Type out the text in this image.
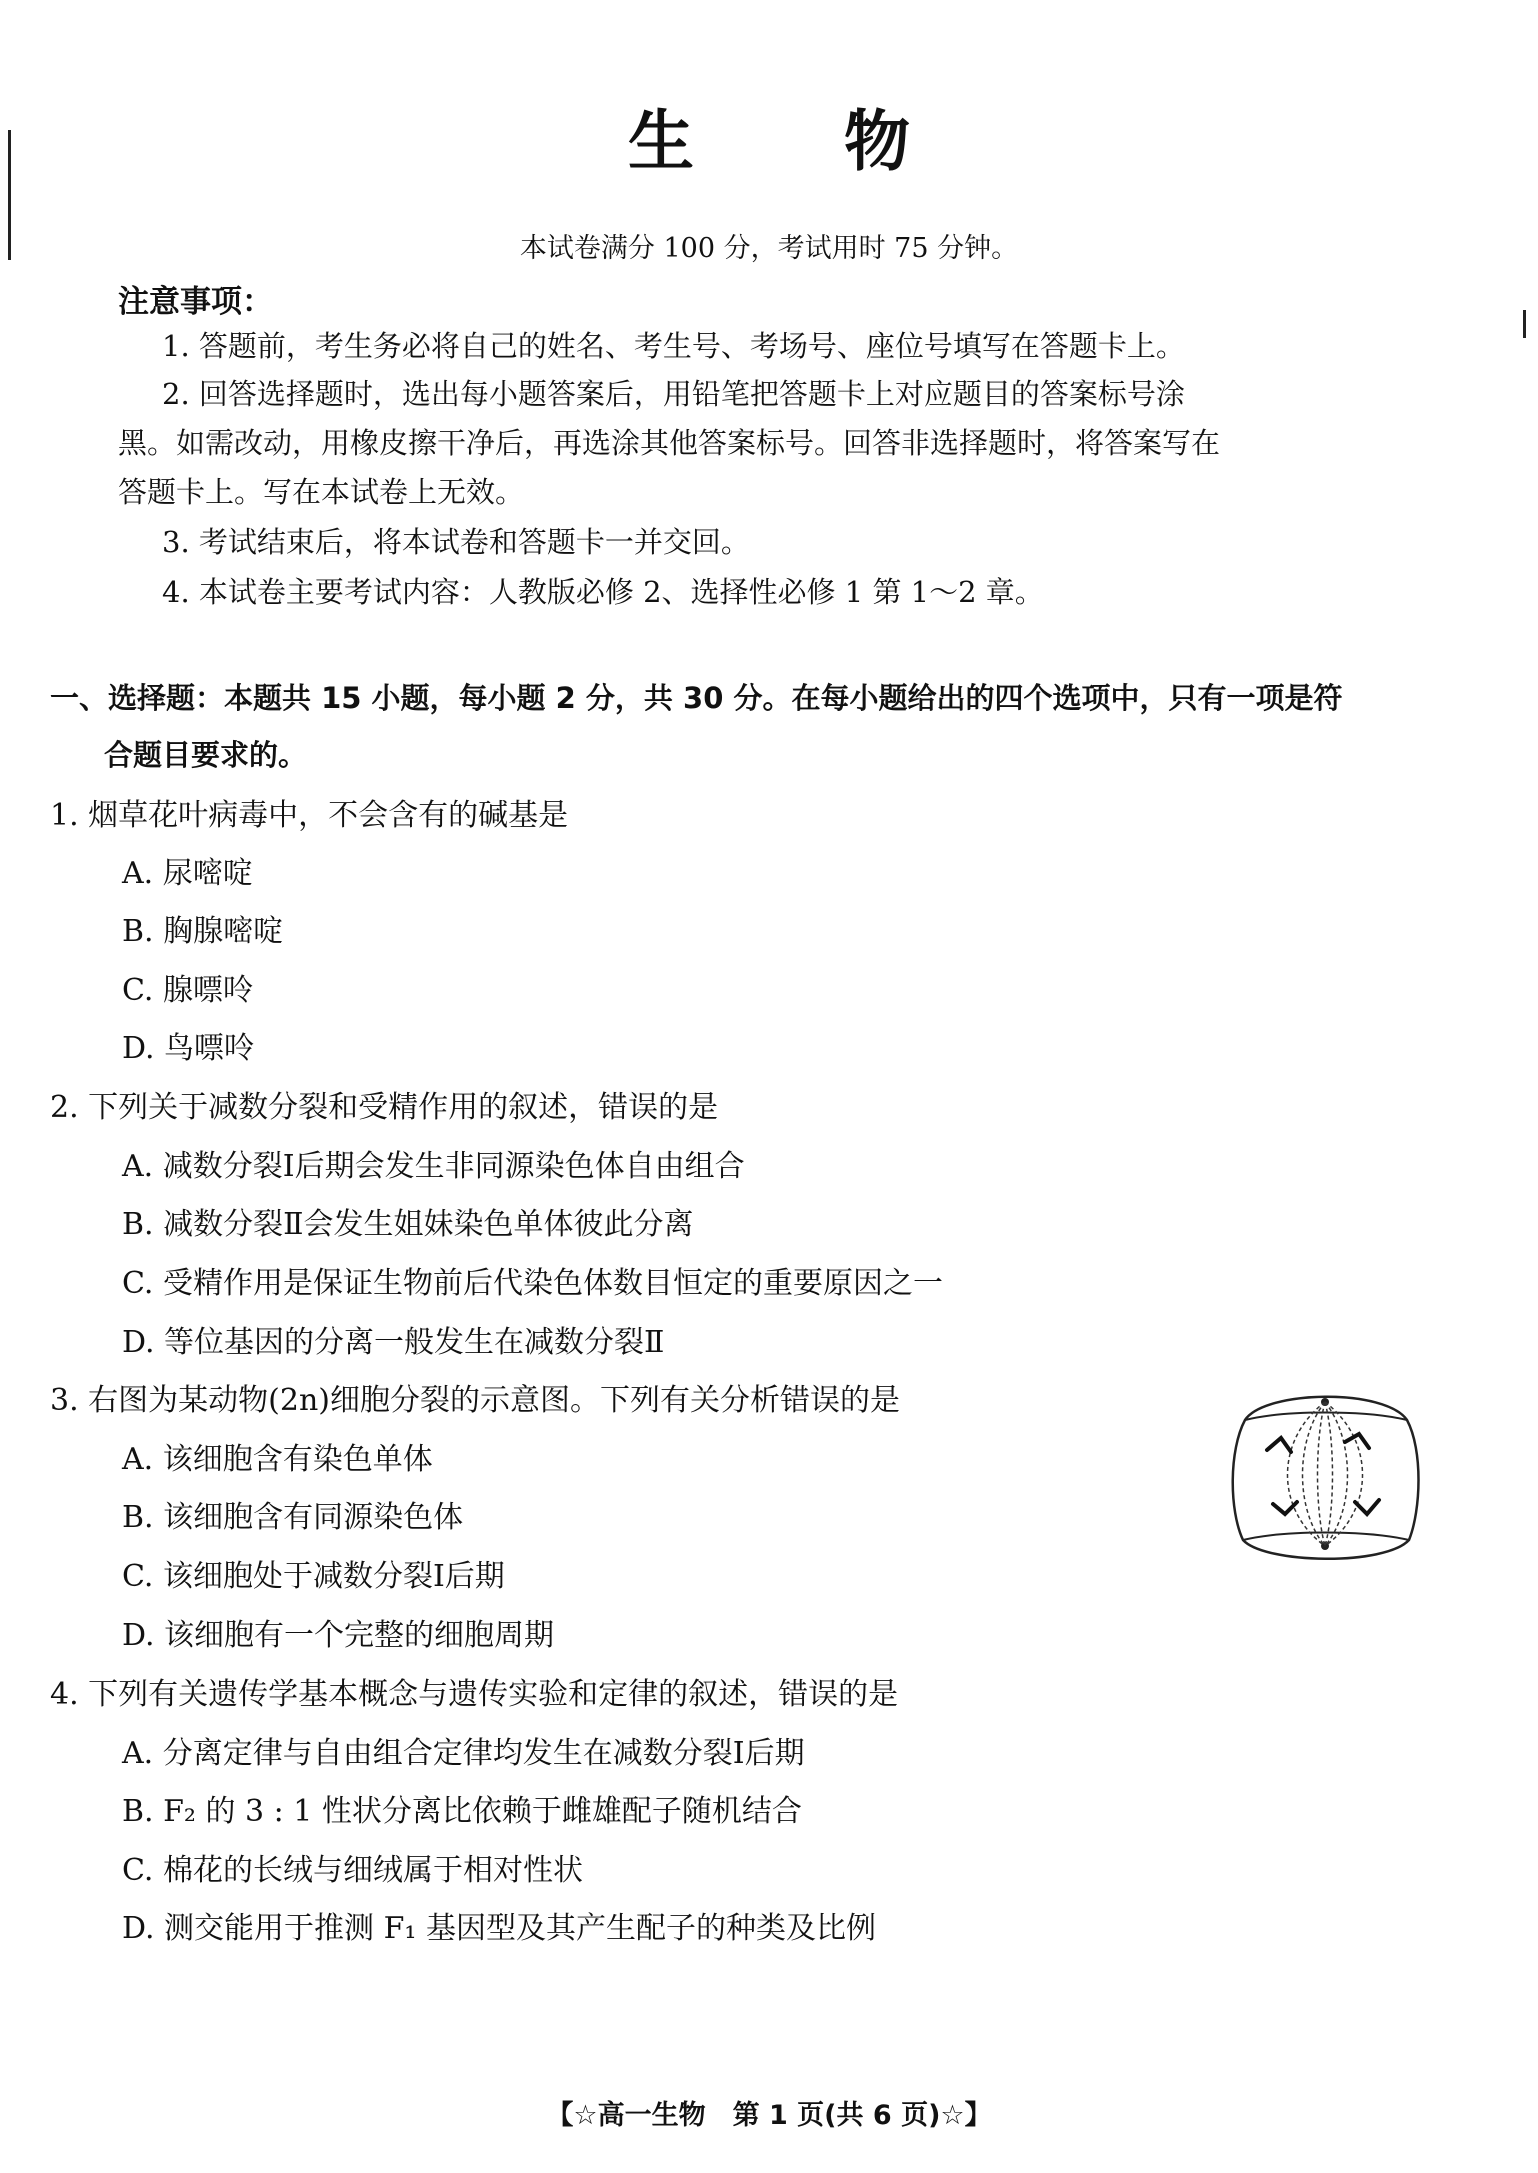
生物
本试卷满分 100 分，考试用时 75 分钟。
注意事项：
1. 答题前，考生务必将自己的姓名、考生号、考场号、座位号填写在答题卡上。
2. 回答选择题时，选出每小题答案后，用铅笔把答题卡上对应题目的答案标号涂
黑。如需改动，用橡皮擦干净后，再选涂其他答案标号。回答非选择题时，将答案写在
答题卡上。写在本试卷上无效。
3. 考试结束后，将本试卷和答题卡一并交回。
4. 本试卷主要考试内容：人教版必修 2、选择性必修 1 第 1～2 章。
一、选择题：本题共 15 小题，每小题 2 分，共 30 分。在每小题给出的四个选项中，只有一项是符
合题目要求的。
1. 烟草花叶病毒中，不会含有的碱基是
A. 尿嘧啶
B. 胸腺嘧啶
C. 腺嘌呤
D. 鸟嘌呤
2. 下列关于减数分裂和受精作用的叙述，错误的是
A. 减数分裂Ⅰ后期会发生非同源染色体自由组合
B. 减数分裂Ⅱ会发生姐妹染色单体彼此分离
C. 受精作用是保证生物前后代染色体数目恒定的重要原因之一
D. 等位基因的分离一般发生在减数分裂Ⅱ
3. 右图为某动物(2n)细胞分裂的示意图。下列有关分析错误的是
A. 该细胞含有染色单体
B. 该细胞含有同源染色体
C. 该细胞处于减数分裂Ⅰ后期
D. 该细胞有一个完整的细胞周期
4. 下列有关遗传学基本概念与遗传实验和定律的叙述，错误的是
A. 分离定律与自由组合定律均发生在减数分裂Ⅰ后期
B. F₂ 的 3 : 1 性状分离比依赖于雌雄配子随机结合
C. 棉花的长绒与细绒属于相对性状
D. 测交能用于推测 F₁ 基因型及其产生配子的种类及比例
【☆高一生物　第 1 页(共 6 页)☆】
